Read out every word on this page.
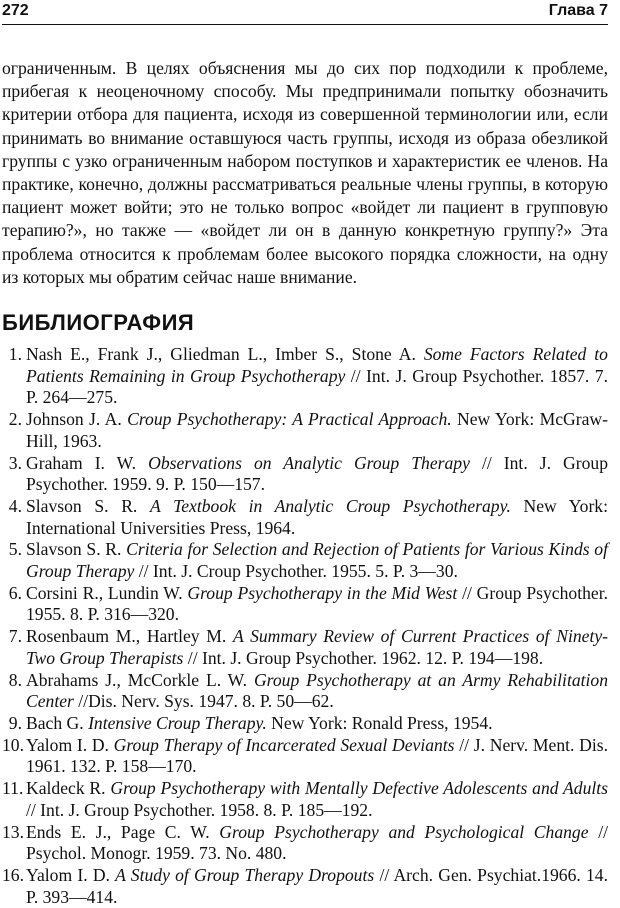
272	Глава 7

ограниченным. В целях объяснения мы до сих пор подходили к проблеме, прибегая к неоценочному способу. Мы предпринимали попытку обозначить критерии отбора для пациента, исходя из совершенной терминологии или, если принимать во внимание оставшуюся часть группы, исходя из образа обезликой группы с узко ограниченным набором поступков и характеристик ее членов. На практике, конечно, должны рассматриваться реальные члены группы, в которую пациент может войти; это не только вопрос «войдет ли пациент в групповую терапию?», но также — «войдет ли он в данную конкретную группу?» Эта проблема относится к проблемам более высокого порядка сложности, на одну из которых мы обратим сейчас наше внимание.

БИБЛИОГРАФИЯ
1. Nash E., Frank J., Gliedman L., Imber S., Stone A. Some Factors Related to Patients Remaining in Group Psychotherapy // Int. J. Group Psychother. 1857. 7. P. 264—275.
2. Johnson J. A. Croup Psychotherapy: A Practical Approach. New York: McGraw-Hill, 1963.
3. Graham I. W. Observations on Analytic Group Therapy // Int. J. Group Psychother. 1959. 9. P. 150—157.
4. Slavson S. R. A Textbook in Analytic Croup Psychotherapy. New York: International Universities Press, 1964.
5. Slavson S. R. Criteria for Selection and Rejection of Patients for Various Kinds of Group Therapy // Int. J. Croup Psychother. 1955. 5. P. 3—30.
6. Corsini R., Lundin W. Group Psychotherapy in the Mid West // Group Psychother. 1955. 8. P. 316—320.
7. Rosenbaum M., Hartley M. A Summary Review of Current Practices of Ninety-Two Group Therapists // Int. J. Group Psychother. 1962. 12. P. 194—198.
8. Abrahams J., McCorkle L. W. Group Psychotherapy at an Army Rehabilitation Center //Dis. Nerv. Sys. 1947. 8. P. 50—62.
9. Bach G. Intensive Croup Therapy. New York: Ronald Press, 1954.
10. Yalom I. D. Group Therapy of Incarcerated Sexual Deviants // J. Nerv. Ment. Dis. 1961. 132. P. 158—170.
11. Kaldeck R. Group Psychotherapy with Mentally Defective Adolescents and Adults // Int. J. Group Psychother. 1958. 8. P. 185—192.
13. Ends E. J., Page C. W. Group Psychotherapy and Psychological Change // Psychol. Monogr. 1959. 73. No. 480.
16. Yalom I. D. A Study of Group Therapy Dropouts // Arch. Gen. Psychiat.1966. 14. P. 393—414.
